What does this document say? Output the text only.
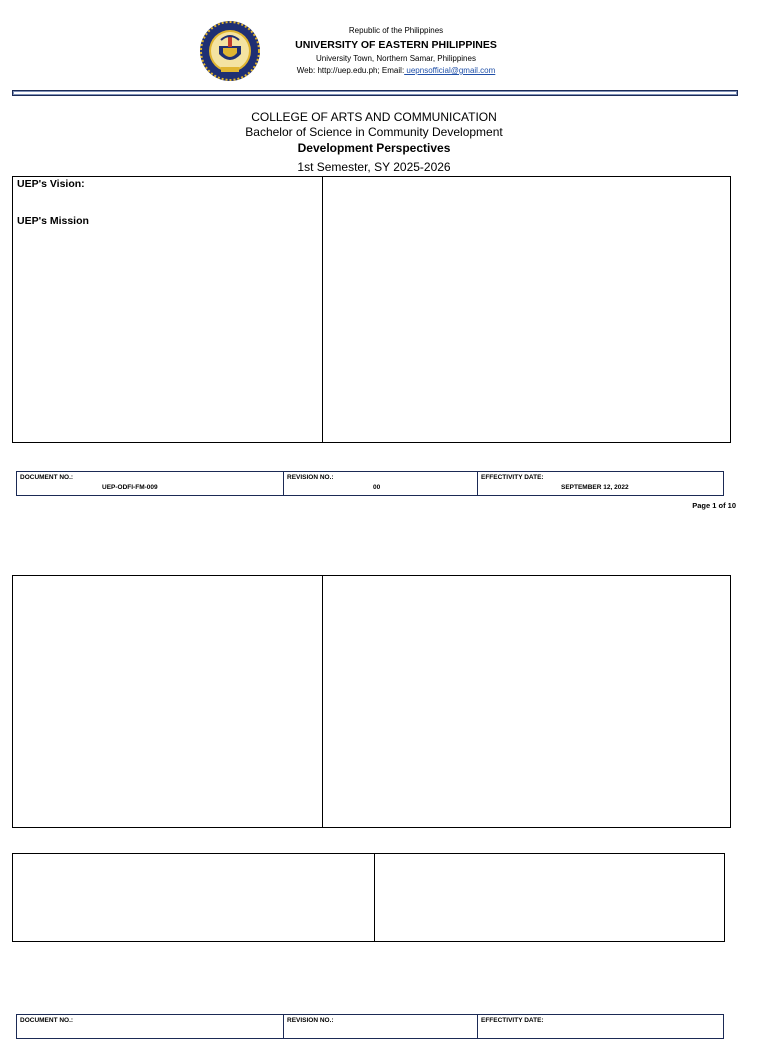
Republic of the Philippines
UNIVERSITY OF EASTERN PHILIPPINES
University Town, Northern Samar, Philippines
Web: http://uep.edu.ph; Email: uepnsofficial@gmail.com
COLLEGE OF ARTS AND COMMUNICATION
Bachelor of Science in Community Development
Development Perspectives
1st Semester, SY 2025-2026
UEP's Vision:
UEP's Mission
DOCUMENT NO.:
UEP-ODFI-FM-009
REVISION NO.:
00
EFFECTIVITY DATE:
SEPTEMBER 12, 2022
Page 1 of 10
DOCUMENT NO.:	REVISION NO.:	EFFECTIVITY DATE:
